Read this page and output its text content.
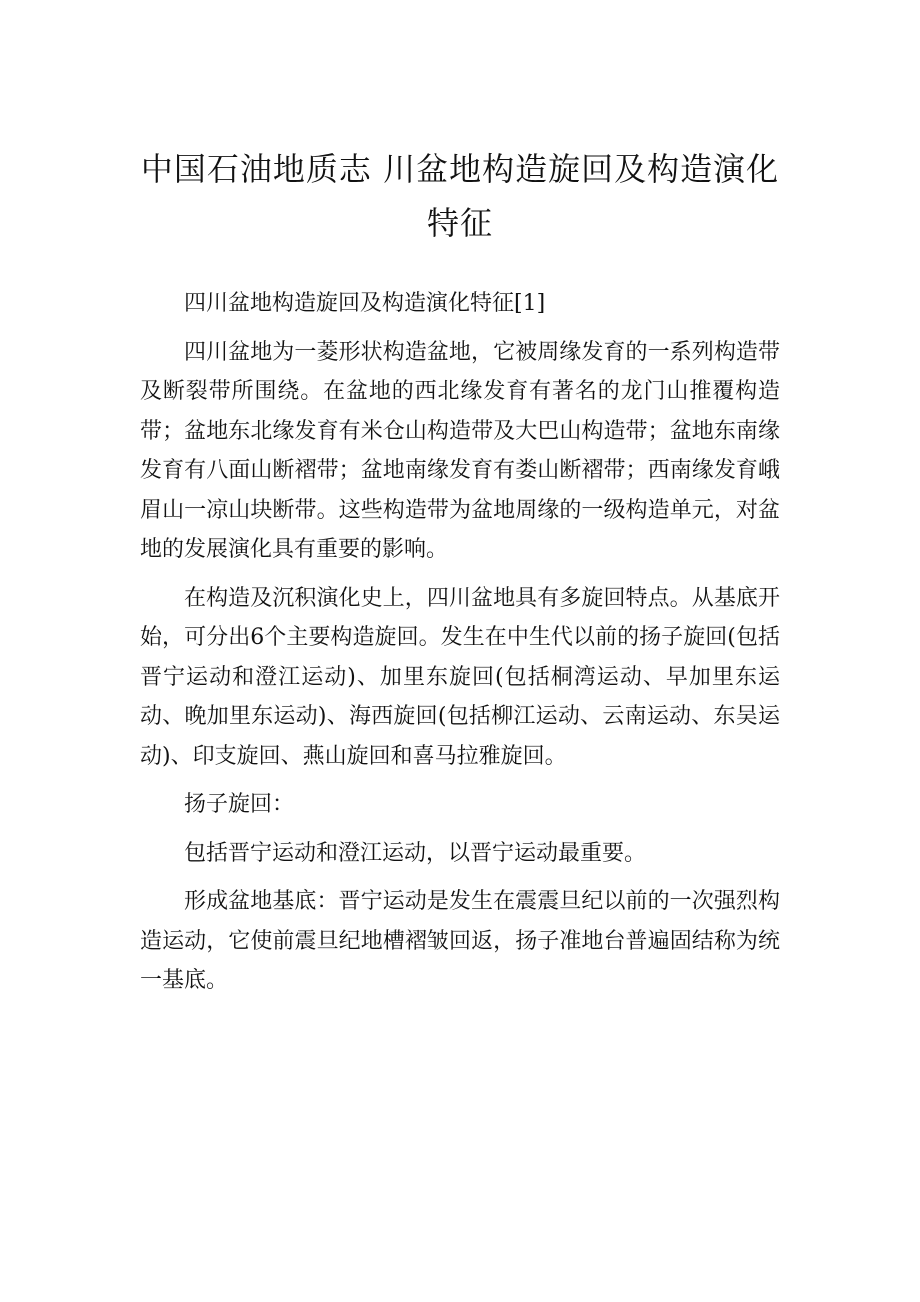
中国石油地质志 川盆地构造旋回及构造演化特征

四川盆地构造旋回及构造演化特征[1]

四川盆地为一菱形状构造盆地，它被周缘发育的一系列构造带及断裂带所围绕。在盆地的西北缘发育有著名的龙门山推覆构造带；盆地东北缘发育有米仓山构造带及大巴山构造带；盆地东南缘发育有八面山断褶带；盆地南缘发育有娄山断褶带；西南缘发育峨眉山一凉山块断带。这些构造带为盆地周缘的一级构造单元，对盆地的发展演化具有重要的影响。

在构造及沉积演化史上，四川盆地具有多旋回特点。从基底开始，可分出6个主要构造旋回。发生在中生代以前的扬子旋回(包括晋宁运动和澄江运动)、加里东旋回(包括桐湾运动、早加里东运动、晚加里东运动)、海西旋回(包括柳江运动、云南运动、东吴运动)、印支旋回、燕山旋回和喜马拉雅旋回。

扬子旋回：

包括晋宁运动和澄江运动，以晋宁运动最重要。

形成盆地基底：晋宁运动是发生在震震旦纪以前的一次强烈构造运动，它使前震旦纪地槽褶皱回返，扬子准地台普遍固结称为统一基底。
